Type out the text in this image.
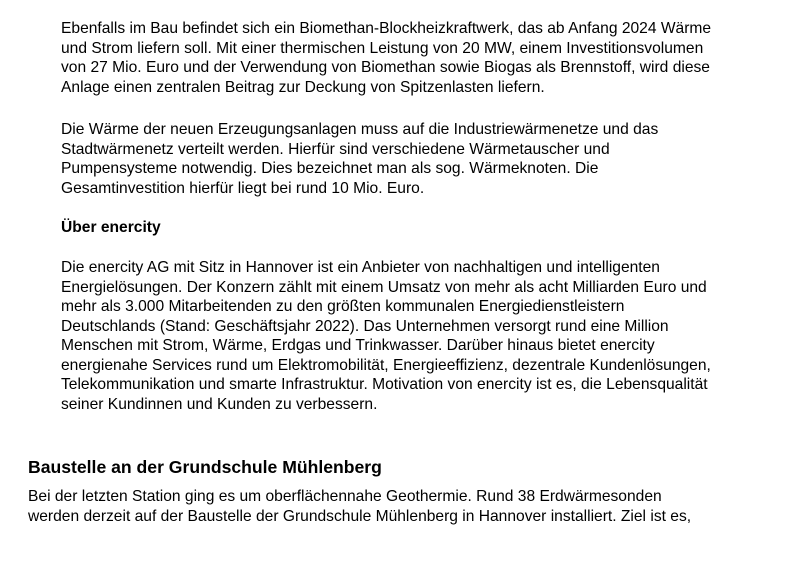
Ebenfalls im Bau befindet sich ein Biomethan-Blockheizkraftwerk, das ab Anfang 2024 Wärme
und Strom liefern soll. Mit einer thermischen Leistung von 20 MW, einem Investitionsvolumen
von 27 Mio. Euro und der Verwendung von Biomethan sowie Biogas als Brennstoff, wird diese
Anlage einen zentralen Beitrag zur Deckung von Spitzenlasten liefern.

Die Wärme der neuen Erzeugungsanlagen muss auf die Industriewärmenetze und das
Stadtwärmenetz verteilt werden. Hierfür sind verschiedene Wärmetauscher und
Pumpensysteme notwendig. Dies bezeichnet man als sog. Wärmeknoten. Die
Gesamtinvestition hierfür liegt bei rund 10 Mio. Euro.

Über enercity

Die enercity AG mit Sitz in Hannover ist ein Anbieter von nachhaltigen und intelligenten
Energielösungen. Der Konzern zählt mit einem Umsatz von mehr als acht Milliarden Euro und
mehr als 3.000 Mitarbeitenden zu den größten kommunalen Energiedienstleistern
Deutschlands (Stand: Geschäftsjahr 2022). Das Unternehmen versorgt rund eine Million
Menschen mit Strom, Wärme, Erdgas und Trinkwasser. Darüber hinaus bietet enercity
energienahe Services rund um Elektromobilität, Energieeffizienz, dezentrale Kundenlösungen,
Telekommunikation und smarte Infrastruktur. Motivation von enercity ist es, die Lebensqualität
seiner Kundinnen und Kunden zu verbessern.

Baustelle an der Grundschule Mühlenberg

Bei der letzten Station ging es um oberflächennahe Geothermie. Rund 38 Erdwärmesonden
werden derzeit auf der Baustelle der Grundschule Mühlenberg in Hannover installiert. Ziel ist es,
